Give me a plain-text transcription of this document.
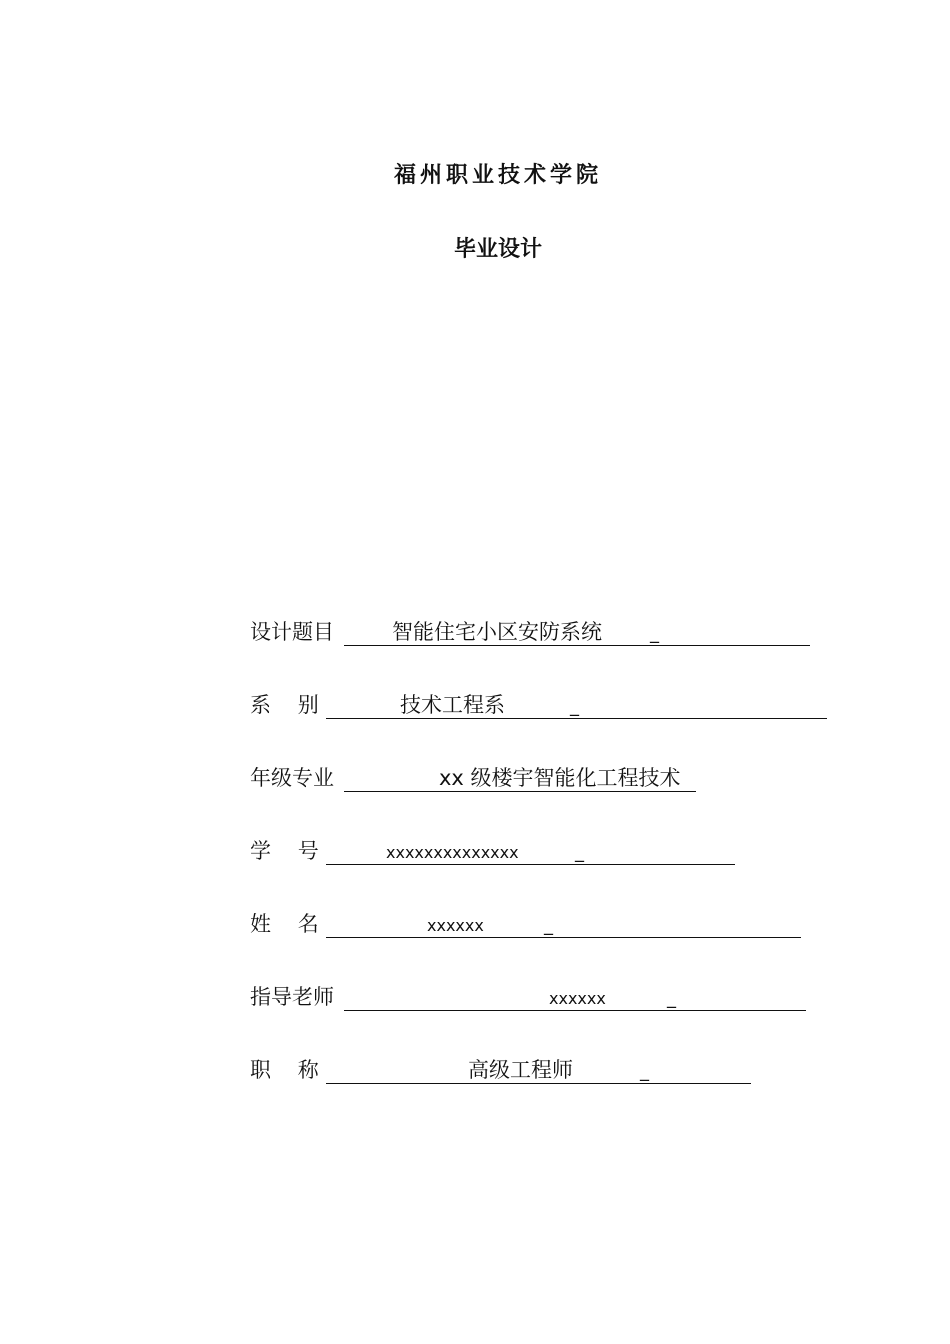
福州职业技术学院
毕业设计
设计题目	智能住宅小区安防系统	_
系    别	技术工程系	_
年级专业	xx 级楼宇智能化工程技术
学    号	xxxxxxxxxxxxxx	_
姓    名	xxxxxx	_
指导老师	xxxxxx	_
职    称	高级工程师	_
